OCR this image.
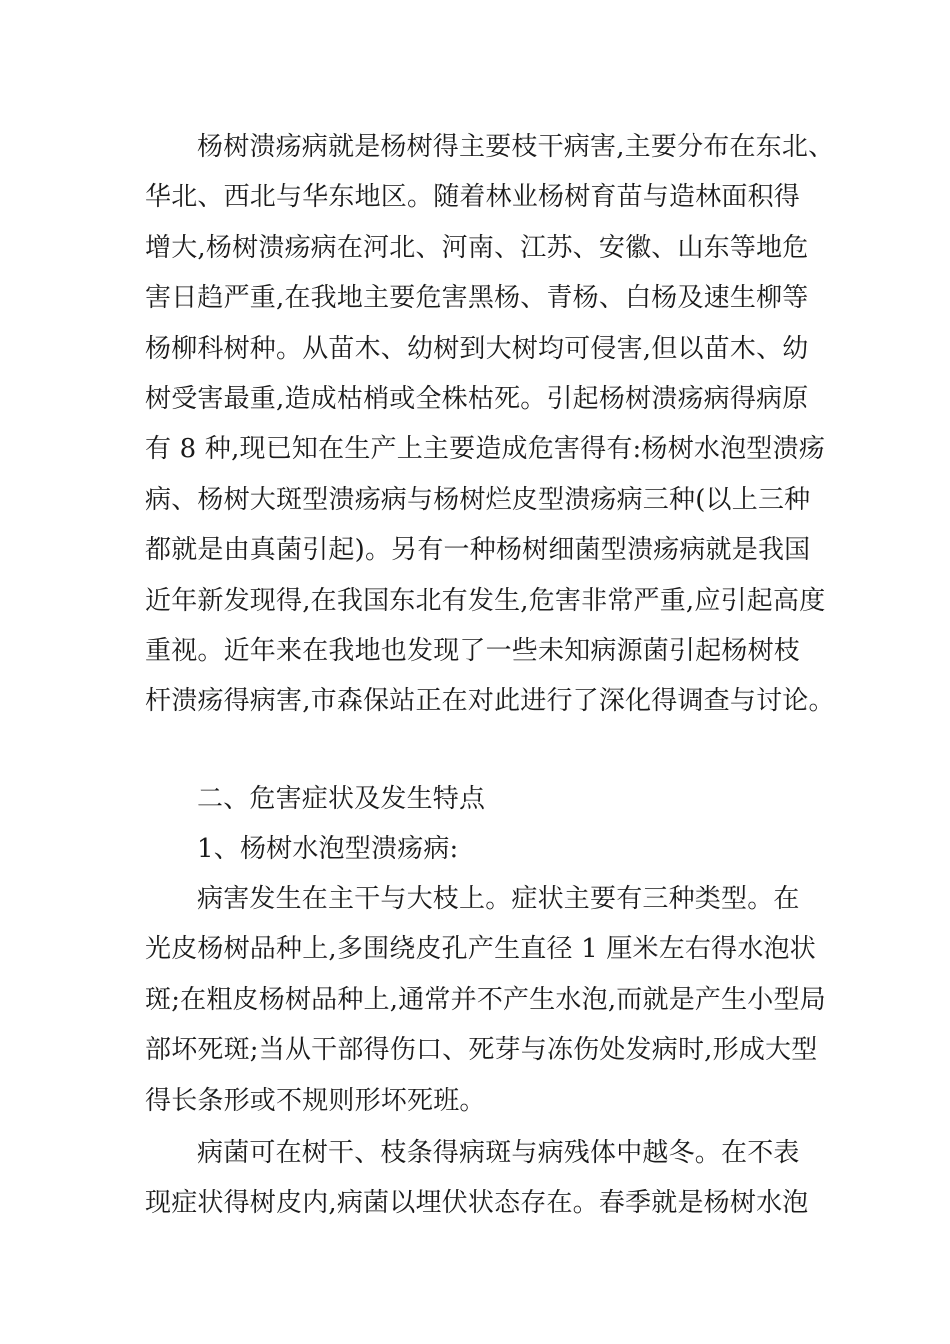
杨树溃疡病就是杨树得主要枝干病害,主要分布在东北、
华北、西北与华东地区。随着林业杨树育苗与造林面积得
增大,杨树溃疡病在河北、河南、江苏、安徽、山东等地危
害日趋严重,在我地主要危害黑杨、青杨、白杨及速生柳等
杨柳科树种。从苗木、幼树到大树均可侵害,但以苗木、幼
树受害最重,造成枯梢或全株枯死。引起杨树溃疡病得病原
有 8 种,现已知在生产上主要造成危害得有:杨树水泡型溃疡
病、杨树大斑型溃疡病与杨树烂皮型溃疡病三种(以上三种
都就是由真菌引起)。另有一种杨树细菌型溃疡病就是我国
近年新发现得,在我国东北有发生,危害非常严重,应引起高度
重视。近年来在我地也发现了一些未知病源菌引起杨树枝
杆溃疡得病害,市森保站正在对此进行了深化得调查与讨论。
二、危害症状及发生特点
1、杨树水泡型溃疡病:
病害发生在主干与大枝上。症状主要有三种类型。在
光皮杨树品种上,多围绕皮孔产生直径 1 厘米左右得水泡状
斑;在粗皮杨树品种上,通常并不产生水泡,而就是产生小型局
部坏死斑;当从干部得伤口、死芽与冻伤处发病时,形成大型
得长条形或不规则形坏死班。
病菌可在树干、枝条得病斑与病残体中越冬。在不表
现症状得树皮内,病菌以埋伏状态存在。春季就是杨树水泡
